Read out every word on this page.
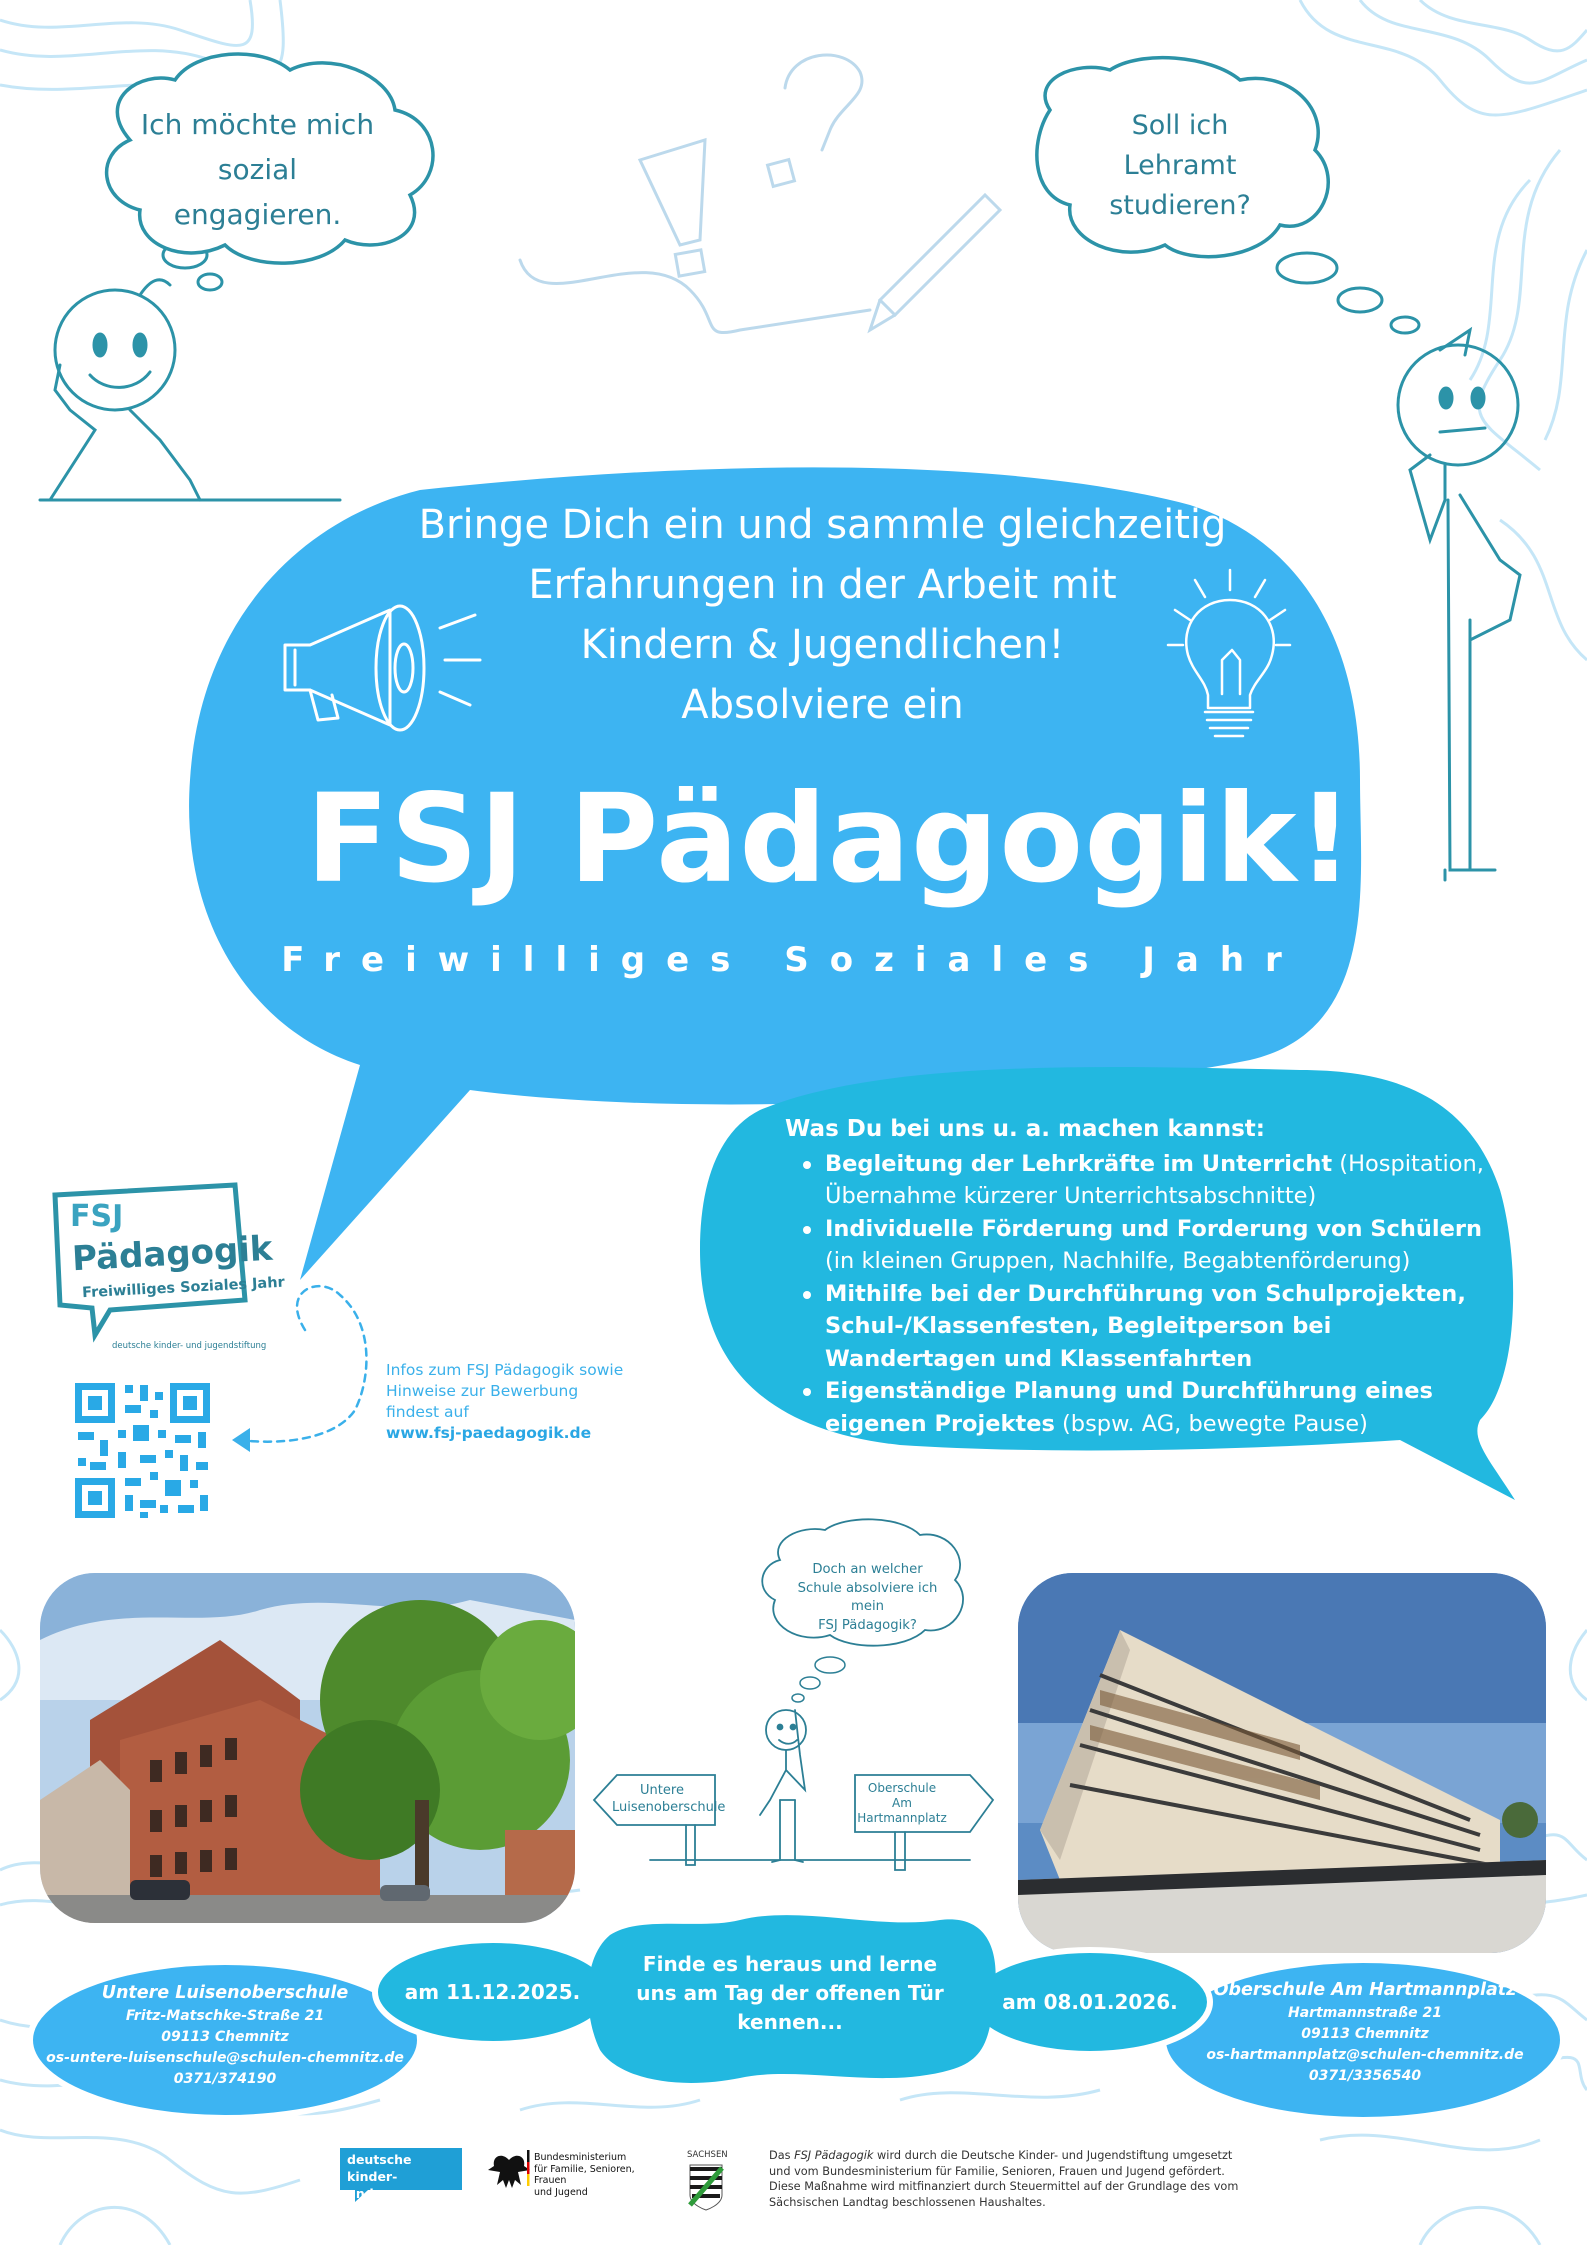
Ich möchte mich
sozial
engagieren.
Soll ich
Lehramt
studieren?
Bringe Dich ein und sammle gleichzeitig
Erfahrungen in der Arbeit mit
Kindern & Jugendlichen!
Absolviere ein
FSJ Pädagogik!
Freiwilliges Soziales Jahr
Was Du bei uns u. a. machen kannst:
Begleitung der Lehrkräfte im Unterricht (Hospitation, Übernahme kürzerer Unterrichtsabschnitte)
Individuelle Förderung und Forderung von Schülern (in kleinen Gruppen, Nachhilfe, Begabtenförderung)
Mithilfe bei der Durchführung von Schulprojekten, Schul-/Klassenfesten, Begleitperson bei Wandertagen und Klassenfahrten
Eigenständige Planung und Durchführung eines eigenen Projektes (bspw. AG, bewegte Pause)
FSJ
Pädagogik
Freiwilliges Soziales Jahr
deutsche kinder- und jugendstiftung
Infos zum FSJ Pädagogik sowie
Hinweise zur Bewerbung
findest auf
www.fsj-paedagogik.de
Doch an welcher
Schule absolviere ich
mein
FSJ Pädagogik?
Untere
Luisenoberschule
Oberschule
Am
Hartmannplatz
Untere Luisenoberschule
Fritz-Matschke-Straße 21
09113 Chemnitz
os-untere-luisenschule@schulen-chemnitz.de
0371/374190
Oberschule Am Hartmannplatz
Hartmannstraße 21
09113 Chemnitz
os-hartmannplatz@schulen-chemnitz.de
0371/3356540
am 11.12.2025.	am 08.01.2026.
Finde es heraus und lerne
uns am Tag der offenen Tür
kennen...
deutsche kinder-
und jugendstiftung
Bundesministerium
für Familie, Senioren, Frauen
und Jugend
SACHSEN	Das FSJ Pädagogik wird durch die Deutsche Kinder- und Jugendstiftung umgesetzt und vom Bundesministerium für Familie, Senioren, Frauen und Jugend gefördert. Diese Maßnahme wird mitfinanziert durch Steuermittel auf der Grundlage des vom Sächsischen Landtag beschlossenen Haushaltes.
